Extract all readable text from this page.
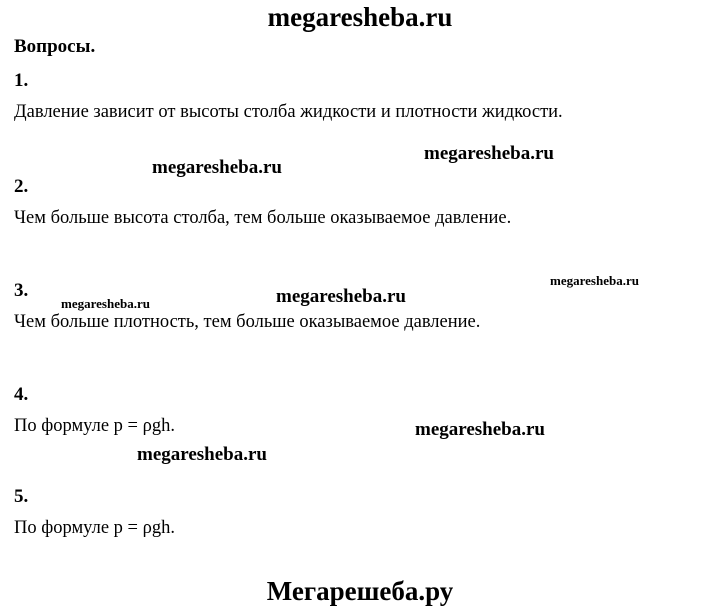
megaresheba.ru
Вопросы.
1.
Давление зависит от высоты столба жидкости и плотности жидкости.
2.
Чем больше высота столба, тем больше оказываемое давление.
3.
Чем больше плотность, тем больше оказываемое давление.
4.
По формуле p = ρgh.
5.
По формуле p = ρgh.
megaresheba.ru
megaresheba.ru
megaresheba.ru
megaresheba.ru
megaresheba.ru
megaresheba.ru
megaresheba.ru
Мегарешеба.ру
